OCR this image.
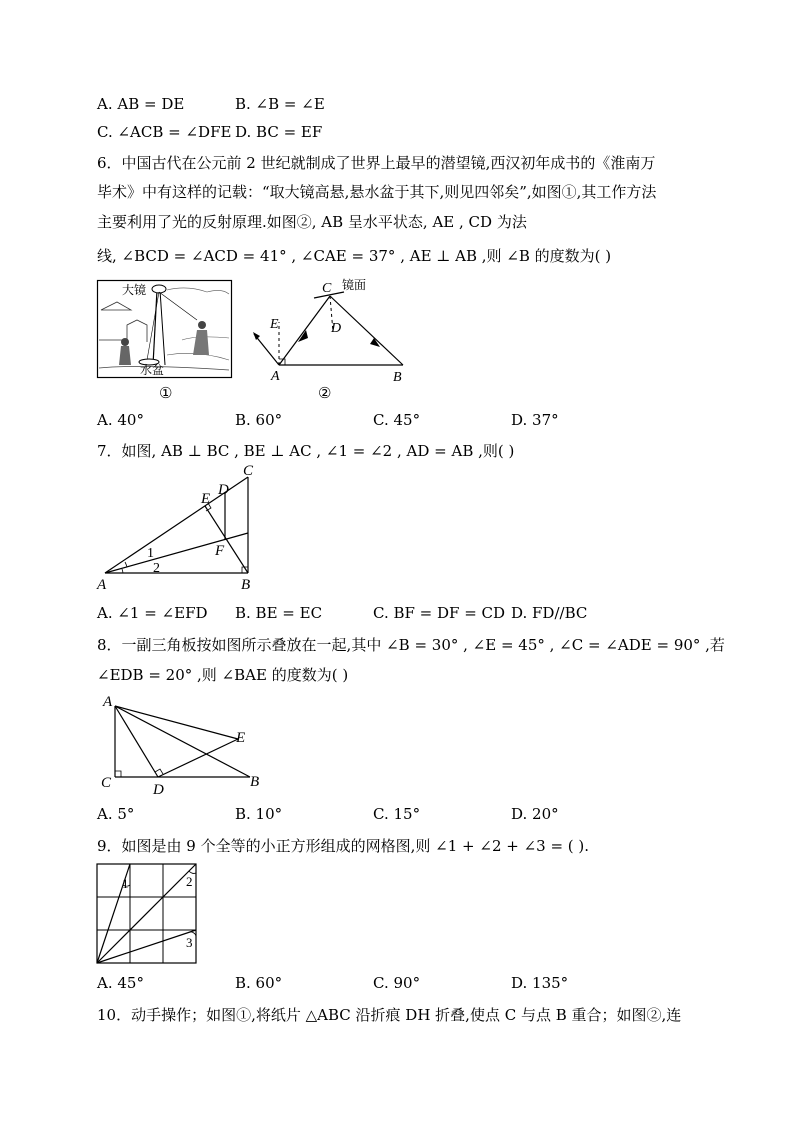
A. AB = DE	B. ∠B = ∠E
C. ∠ACB = ∠DFE D. BC = EF
6．中国古代在公元前 2 世纪就制成了世界上最早的潜望镜,西汉初年成书的《淮南万
毕术》中有这样的记载：“取大镜高悬,悬水盆于其下,则见四邻矣”,如图①,其工作方法
主要利用了光的反射原理.如图②, AB 呈水平状态, AE , CD 为法
线, ∠BCD = ∠ACD = 41° , ∠CAE = 37° , AE ⊥ AB ,则 ∠B 的度数为( )
大镜
水盆
①
C 镜面
E	D
A	B
②
A. 40°	B. 60°	C. 45°	D. 37°
7．如图, AB ⊥ BC , BE ⊥ AC , ∠1 = ∠2 , AD = AB ,则( )
C
E
D
F
A	B
1
2
A. ∠1 = ∠EFD B. BE = EC	C. BF = DF = CD D. FD//BC
8．一副三角板按如图所示叠放在一起,其中 ∠B = 30° , ∠E = 45° , ∠C = ∠ADE = 90° ,若
∠EDB = 20° ,则 ∠BAE 的度数为( )
A
E
C	D	B
A. 5°	B. 10°	C. 15°	D. 20°
9．如图是由 9 个全等的小正方形组成的网格图,则 ∠1 + ∠2 + ∠3 = ( ).
1	2
3
A. 45°	B. 60°	C. 90°	D. 135°
10．动手操作；如图①,将纸片 △ABC 沿折痕 DH 折叠,使点 C 与点 B 重合；如图②,连
